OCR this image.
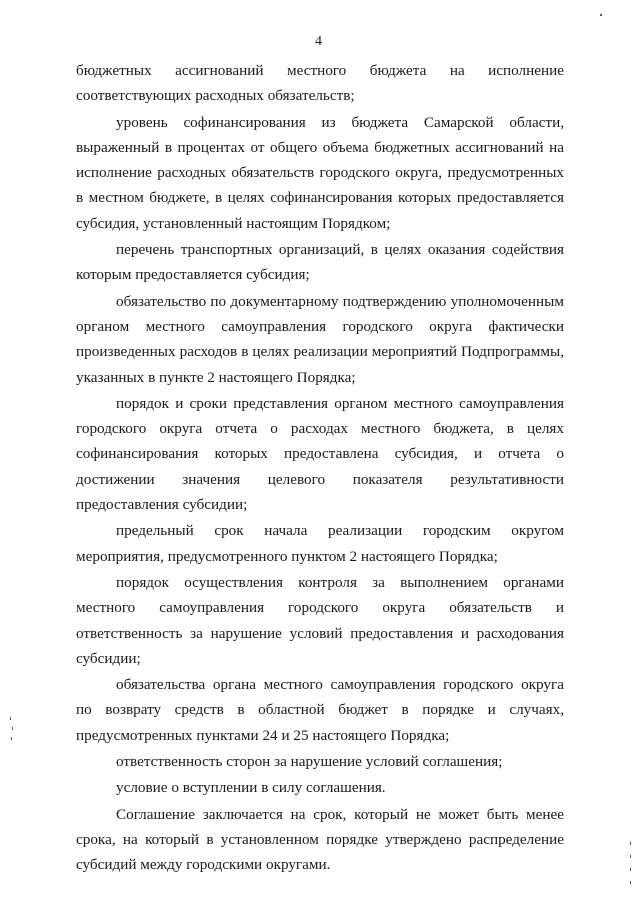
4

бюджетных ассигнований местного бюджета на исполнение соответствующих расходных обязательств;

уровень софинансирования из бюджета Самарской области, выраженный в процентах от общего объема бюджетных ассигнований на исполнение расходных обязательств городского округа, предусмотренных в местном бюджете, в целях софинансирования которых предоставляется субсидия, установленный настоящим Порядком;

перечень транспортных организаций, в целях оказания содействия которым предоставляется субсидия;

обязательство по документарному подтверждению уполномоченным органом местного самоуправления городского округа фактически произведенных расходов в целях реализации мероприятий Подпрограммы, указанных в пункте 2 настоящего Порядка;

порядок и сроки представления органом местного самоуправления городского округа отчета о расходах местного бюджета, в целях софинансирования которых предоставлена субсидия, и отчета о достижении значения целевого показателя результативности предоставления субсидии;

предельный срок начала реализации городским округом мероприятия, предусмотренного пунктом 2 настоящего Порядка;

порядок осуществления контроля за выполнением органами местного самоуправления городского округа обязательств и ответственность за нарушение условий предоставления и расходования субсидии;

обязательства органа местного самоуправления городского округа по возврату средств в областной бюджет в порядке и случаях, предусмотренных пунктами 24 и 25 настоящего Порядка;

ответственность сторон за нарушение условий соглашения;

условие о вступлении в силу соглашения.

Соглашение заключается на срок, который не может быть менее срока, на который в установленном порядке утверждено распределение субсидий между городскими округами.
